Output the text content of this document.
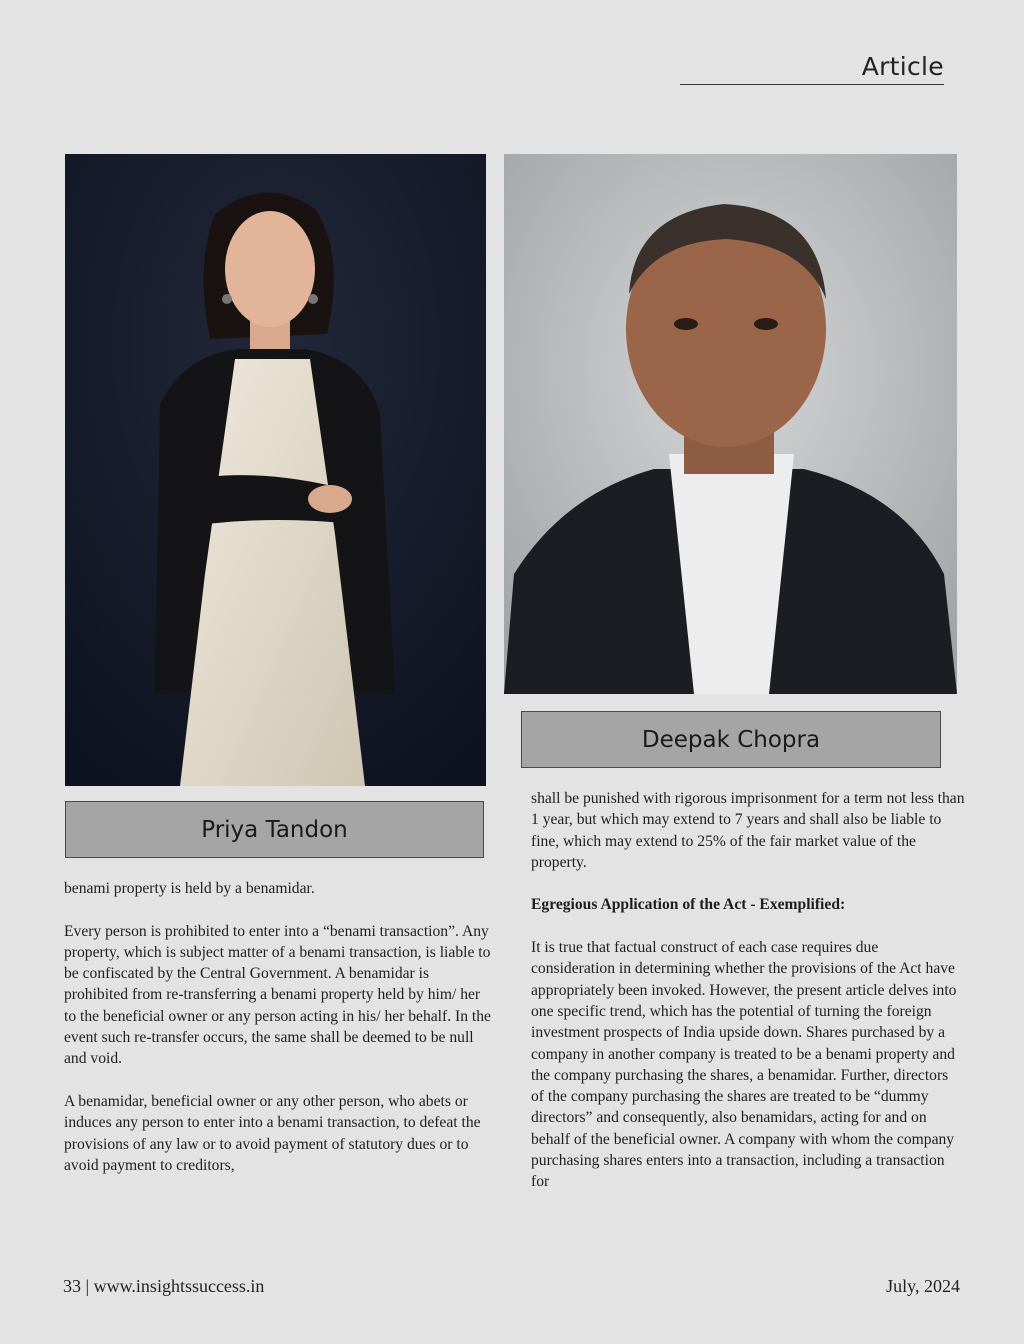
Article
Deepak Chopra
Priya Tandon

benami property is held by a benamidar.

Every person is prohibited to enter into a “benami transaction”. Any property, which is subject matter of a benami transaction, is liable to be confiscated by the Central Government. A benamidar is prohibited from re-transferring a benami property held by him/ her to the beneficial owner or any person acting in his/ her behalf. In the event such re-transfer occurs, the same shall be deemed to be null and void.

A benamidar, beneficial owner or any other person, who abets or induces any person to enter into a benami transaction, to defeat the provisions of any law or to avoid payment of statutory dues or to avoid payment to creditors,

shall be punished with rigorous imprisonment for a term not less than 1 year, but which may extend to 7 years and shall also be liable to fine, which may extend to 25% of the fair market value of the property.

Egregious Application of the Act - Exemplified:

It is true that factual construct of each case requires due consideration in determining whether the provisions of the Act have appropriately been invoked. However, the present article delves into one specific trend, which has the potential of turning the foreign investment prospects of India upside down. Shares purchased by a company in another company is treated to be a benami property and the company purchasing the shares, a benamidar. Further, directors of the company purchasing the shares are treated to be “dummy directors” and consequently, also benamidars, acting for and on behalf of the beneficial owner. A company with whom the company purchasing shares enters into a transaction, including a transaction for

33 | www.insightssuccess.in	July, 2024
